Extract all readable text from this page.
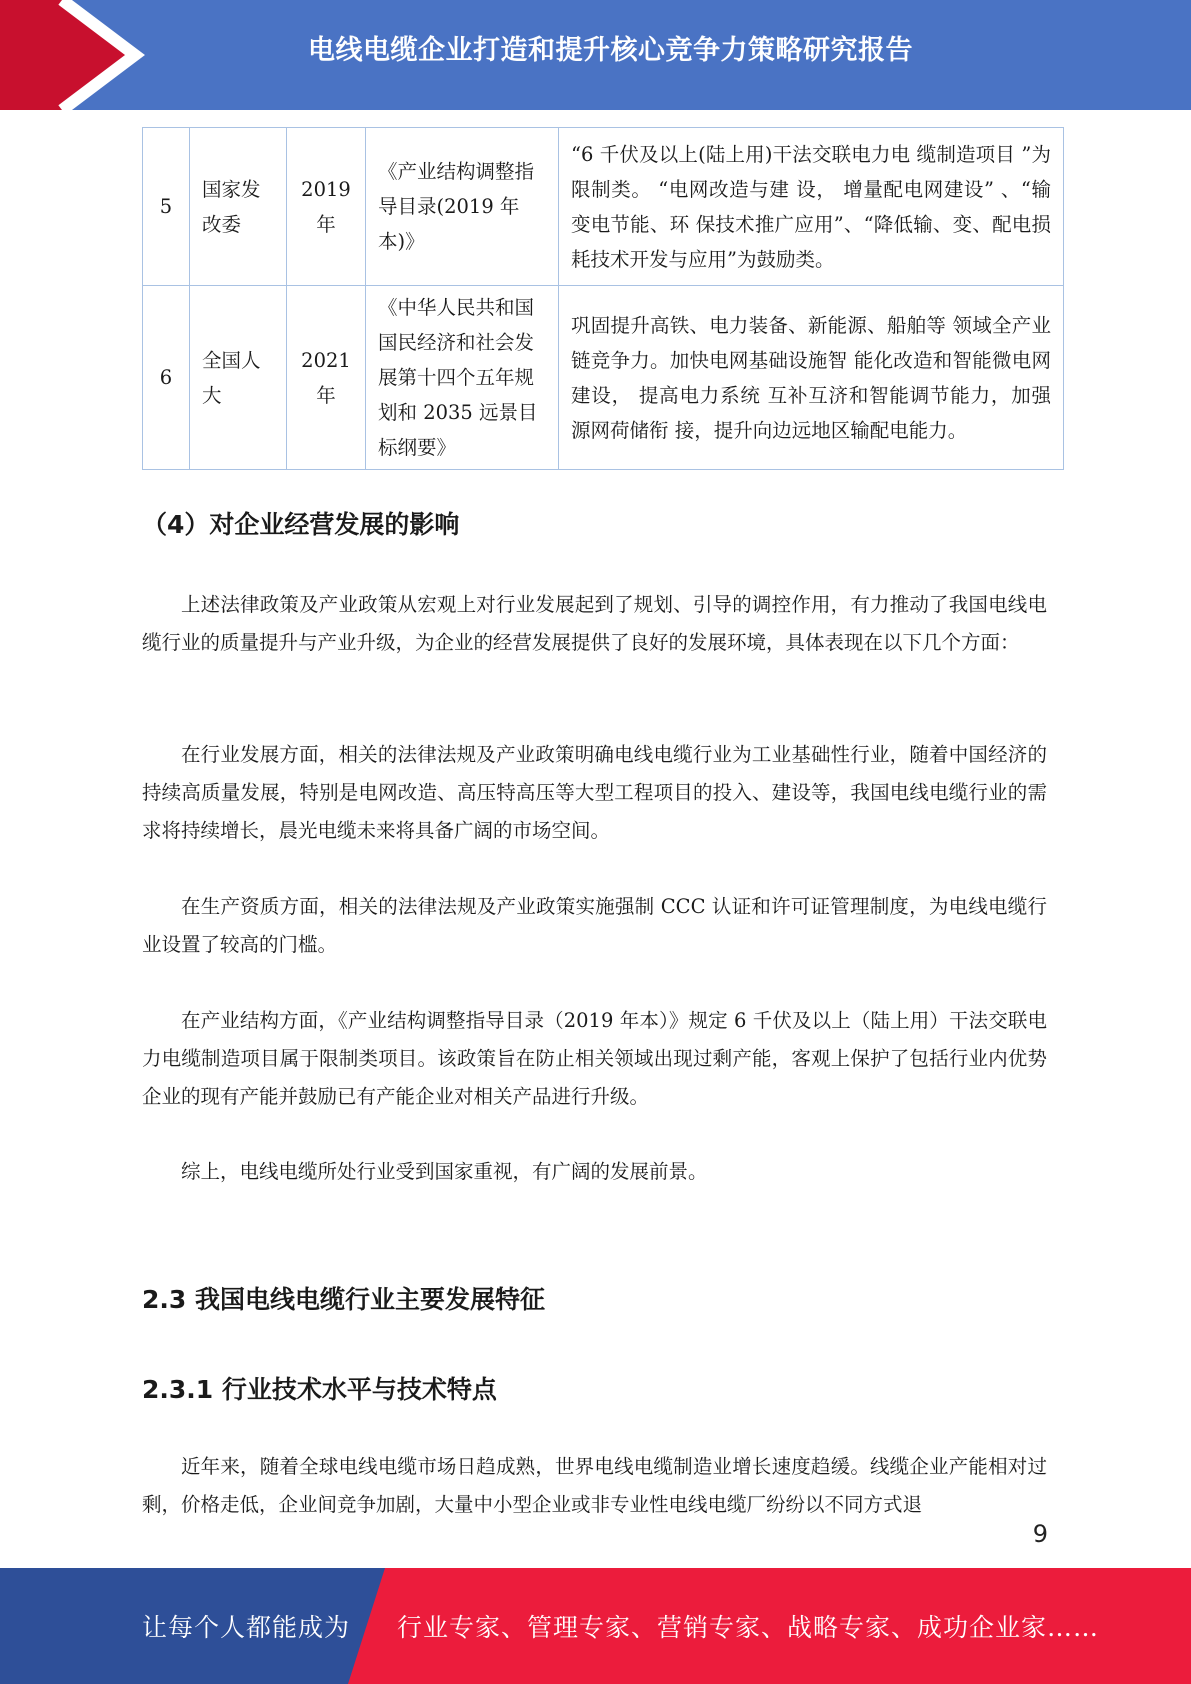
电线电缆企业打造和提升核心竞争力策略研究报告
5	国家发改委	2019 年	《产业结构调整指导目录(2019 年本)》	“6 千伏及以上(陆上用)干法交联电力电 缆制造项目 ”为限制类。 “电网改造与建 设， 增量配电网建设” 、“输变电节能、环 保技术推广应用”、“降低输、变、配电损 耗技术开发与应用”为鼓励类。
6	全国人大	2021 年	《中华人民共和国国民经济和社会发展第十四个五年规划和 2035 远景目标纲要》	巩固提升高铁、电力装备、新能源、船舶等 领域全产业链竞争力。加快电网基础设施智 能化改造和智能微电网建设， 提高电力系统 互补互济和智能调节能力，加强源网荷储衔 接，提升向边远地区输配电能力。
（4）对企业经营发展的影响

上述法律政策及产业政策从宏观上对行业发展起到了规划、引导的调控作用，有力推动了我国电线电缆行业的质量提升与产业升级，为企业的经营发展提供了良好的发展环境，具体表现在以下几个方面：

在行业发展方面，相关的法律法规及产业政策明确电线电缆行业为工业基础性行业，随着中国经济的持续高质量发展，特别是电网改造、高压特高压等大型工程项目的投入、建设等，我国电线电缆行业的需求将持续增长，晨光电缆未来将具备广阔的市场空间。

在生产资质方面，相关的法律法规及产业政策实施强制 CCC 认证和许可证管理制度，为电线电缆行业设置了较高的门槛。

在产业结构方面，《产业结构调整指导目录（2019 年本）》规定 6 千伏及以上（陆上用）干法交联电力电缆制造项目属于限制类项目。该政策旨在防止相关领域出现过剩产能，客观上保护了包括行业内优势企业的现有产能并鼓励已有产能企业对相关产品进行升级。

综上，电线电缆所处行业受到国家重视，有广阔的发展前景。

2.3 我国电线电缆行业主要发展特征
2.3.1 行业技术水平与技术特点

近年来，随着全球电线电缆市场日趋成熟，世界电线电缆制造业增长速度趋缓。线缆企业产能相对过剩，价格走低，企业间竞争加剧，大量中小型企业或非专业性电线电缆厂纷纷以不同方式退

9
让每个人都能成为 行业专家、管理专家、营销专家、战略专家、成功企业家……
